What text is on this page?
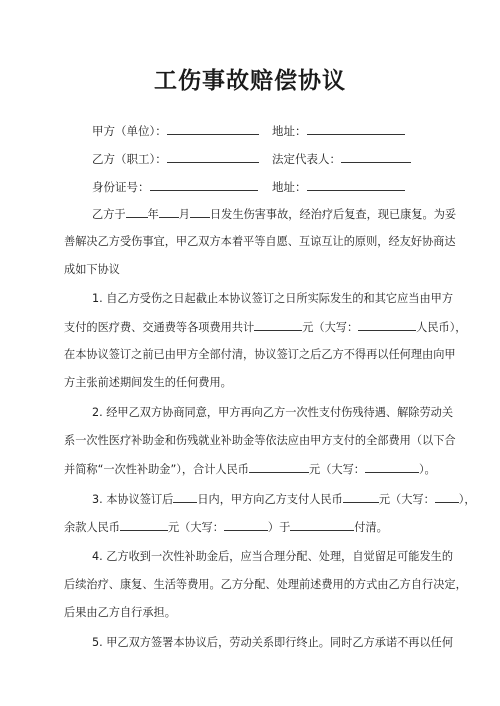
工伤事故赔偿协议
甲方（单位）：	地址：
乙方（职工）：	法定代表人：
身份证号：	地址：
乙方于 年 月 日发生伤害事故，经治疗后复查，现已康复。为妥
善解决乙方受伤事宜，甲乙双方本着平等自愿、互谅互让的原则，经友好协商达
成如下协议
1. 自乙方受伤之日起截止本协议签订之日所实际发生的和其它应当由甲方
支付的医疗费、交通费等各项费用共计	元（大写：	人民币），
在本协议签订之前已由甲方全部付清，协议签订之后乙方不得再以任何理由向甲
方主张前述期间发生的任何费用。
2. 经甲乙双方协商同意，甲方再向乙方一次性支付伤残待遇、解除劳动关
系一次性医疗补助金和伤残就业补助金等依法应由甲方支付的全部费用（以下合
并简称“一次性补助金”），合计人民币	元（大写：	）。
3. 本协议签订后 日内，甲方向乙方支付人民币	元（大写： ），
余款人民币	元（大写：	）于	付清。
4. 乙方收到一次性补助金后，应当合理分配、处理，自觉留足可能发生的
后续治疗、康复、生活等费用。乙方分配、处理前述费用的方式由乙方自行决定，
后果由乙方自行承担。
5. 甲乙双方签署本协议后，劳动关系即行终止。同时乙方承诺不再以任何
